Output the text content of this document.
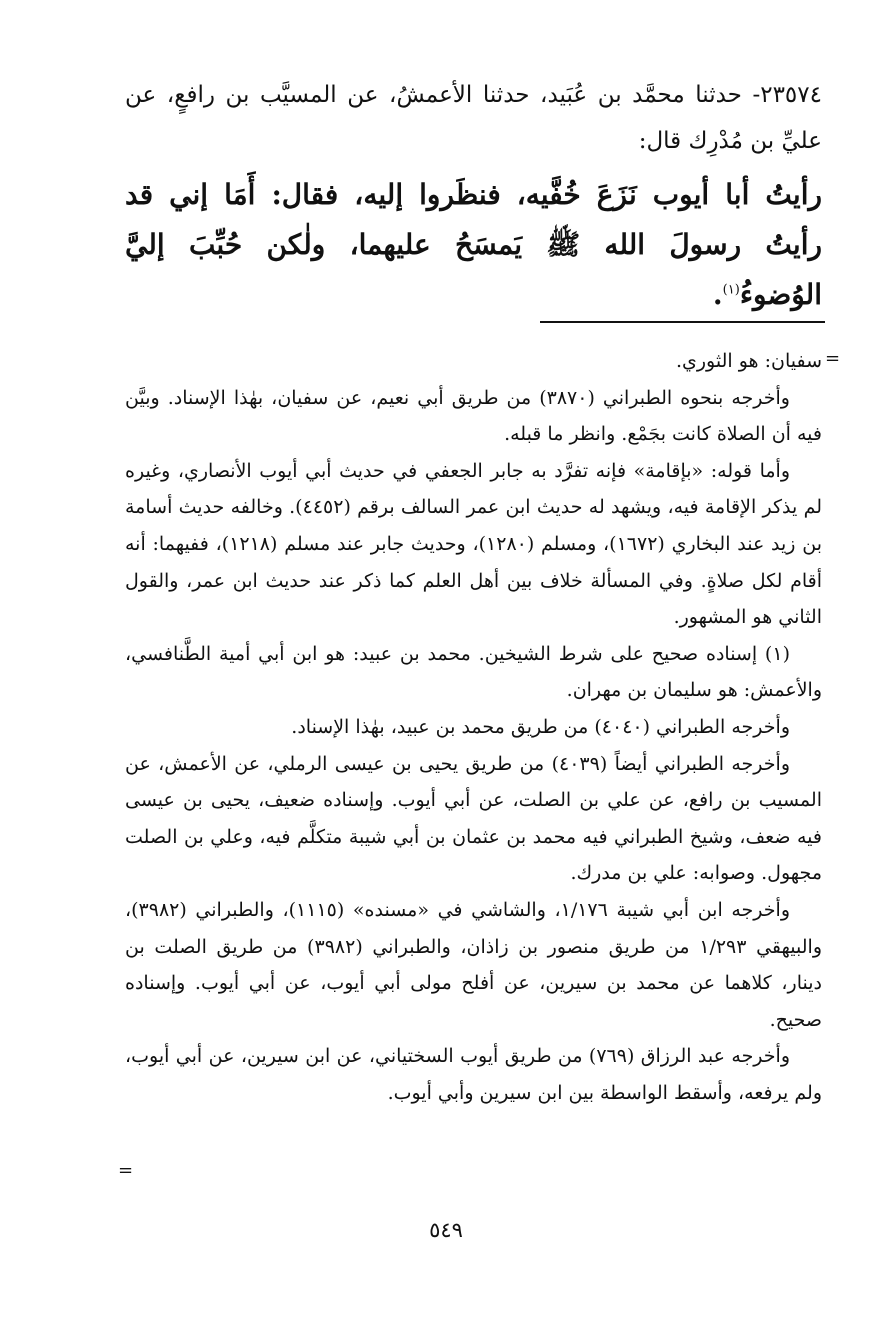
٢٣٥٧٤- حدثنا محمَّد بن عُبَيد، حدثنا الأعمشُ، عن المسيَّب بن رافعٍ، عن عليِّ بن مُدْرِك قال:

رأيتُ أبا أيوب نَزَعَ خُفَّيه، فنظَروا إليه، فقال: أَمَا إني قد رأيتُ رسولَ الله ﷺ يَمسَحُ عليهما، ولٰكن حُبِّبَ إليَّ الوُضوءُ$^{(١)}$.

=

سفيان: هو الثوري.

وأخرجه بنحوه الطبراني (٣٨٧٠) من طريق أبي نعيم، عن سفيان، بهٰذا الإسناد. وبيَّن فيه أن الصلاة كانت بجَمْع. وانظر ما قبله.

وأما قوله: «بإقامة» فإنه تفرَّد به جابر الجعفي في حديث أبي أيوب الأنصاري، وغيره لم يذكر الإقامة فيه، ويشهد له حديث ابن عمر السالف برقم (٤٤٥٢). وخالفه حديث أسامة بن زيد عند البخاري (١٦٧٢)، ومسلم (١٢٨٠)، وحديث جابر عند مسلم (١٢١٨)، ففيهما: أنه أقام لكل صلاةٍ. وفي المسألة خلاف بين أهل العلم كما ذكر عند حديث ابن عمر، والقول الثاني هو المشهور.

(١) إسناده صحيح على شرط الشيخين. محمد بن عبيد: هو ابن أبي أمية الطَّنافسي، والأعمش: هو سليمان بن مهران.

وأخرجه الطبراني (٤٠٤٠) من طريق محمد بن عبيد، بهٰذا الإسناد.

وأخرجه الطبراني أيضاً (٤٠٣٩) من طريق يحيى بن عيسى الرملي، عن الأعمش، عن المسيب بن رافع، عن علي بن الصلت، عن أبي أيوب. وإسناده ضعيف، يحيى بن عيسى فيه ضعف، وشيخ الطبراني فيه محمد بن عثمان بن أبي شيبة متكلَّم فيه، وعلي بن الصلت مجهول. وصوابه: علي بن مدرك.

وأخرجه ابن أبي شيبة ١/١٧٦، والشاشي في «مسنده» (١١١٥)، والطبراني (٣٩٨٢)، والبيهقي ١/٢٩٣ من طريق منصور بن زاذان، والطبراني (٣٩٨٢) من طريق الصلت بن دينار، كلاهما عن محمد بن سيرين، عن أفلح مولى أبي أيوب، عن أبي أيوب. وإسناده صحيح.

وأخرجه عبد الرزاق (٧٦٩) من طريق أيوب السختياني، عن ابن سيرين، عن أبي أيوب، ولم يرفعه، وأسقط الواسطة بين ابن سيرين وأبي أيوب.

=
٥٤٩
